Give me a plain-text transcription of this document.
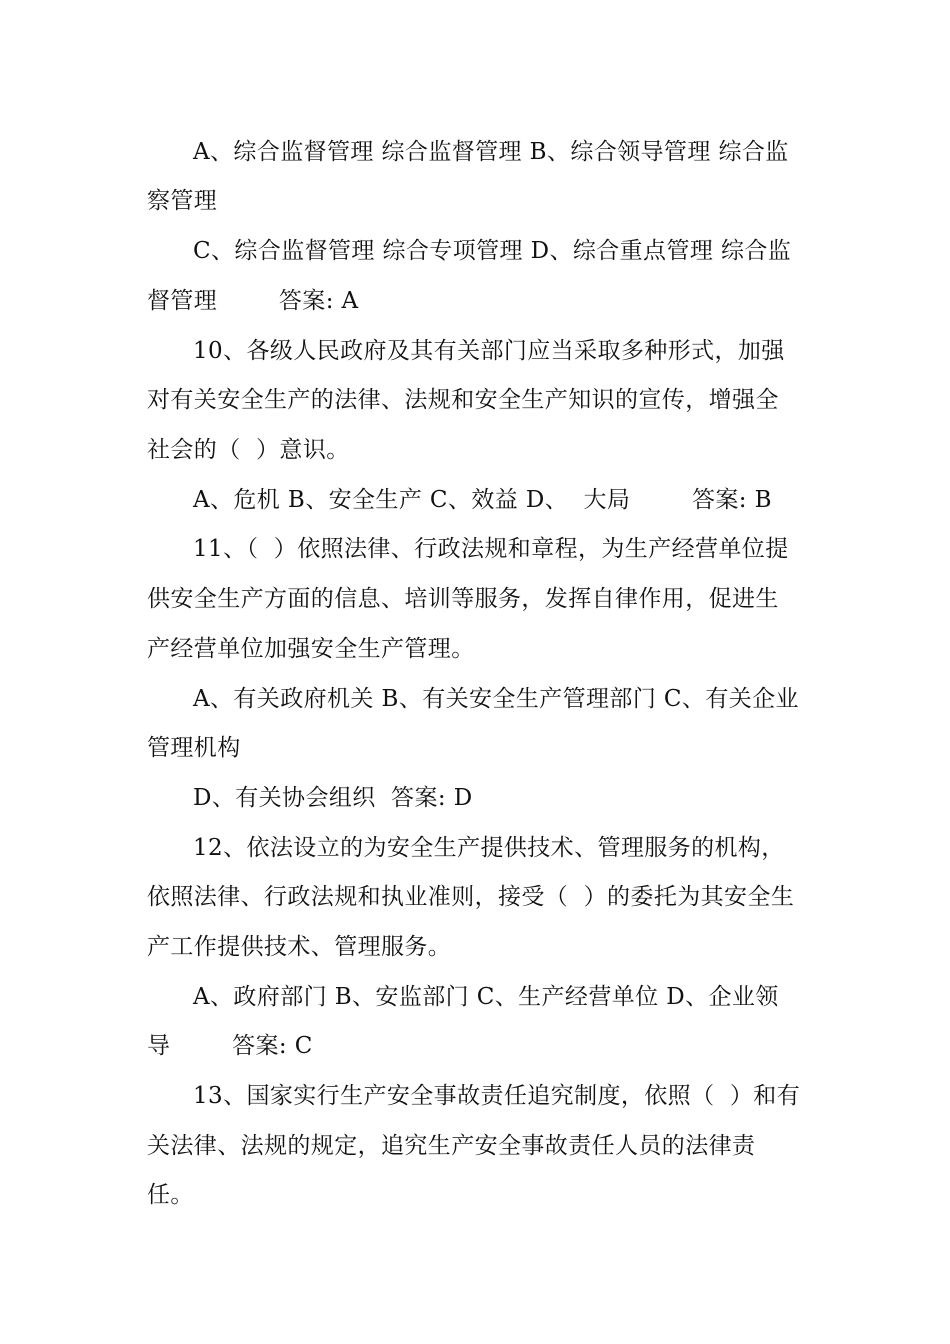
A、综合监督管理 综合监督管理 B、综合领导管理 综合监
察管理
C、综合监督管理 综合专项管理 D、综合重点管理 综合监
督管理        答案: A
10、各级人民政府及其有关部门应当采取多种形式，加强
对有关安全生产的法律、法规和安全生产知识的宣传，增强全
社会的（  ）意识。
A、危机 B、安全生产 C、效益 D、  大局        答案: B
11、（  ）依照法律、行政法规和章程，为生产经营单位提
供安全生产方面的信息、培训等服务，发挥自律作用，促进生
产经营单位加强安全生产管理。
A、有关政府机关 B、有关安全生产管理部门 C、有关企业
管理机构
D、有关协会组织  答案: D
12、依法设立的为安全生产提供技术、管理服务的机构，
依照法律、行政法规和执业准则，接受（  ）的委托为其安全生
产工作提供技术、管理服务。
A、政府部门 B、安监部门 C、生产经营单位 D、企业领
导        答案: C
13、国家实行生产安全事故责任追究制度，依照（  ）和有
关法律、法规的规定，追究生产安全事故责任人员的法律责
任。
